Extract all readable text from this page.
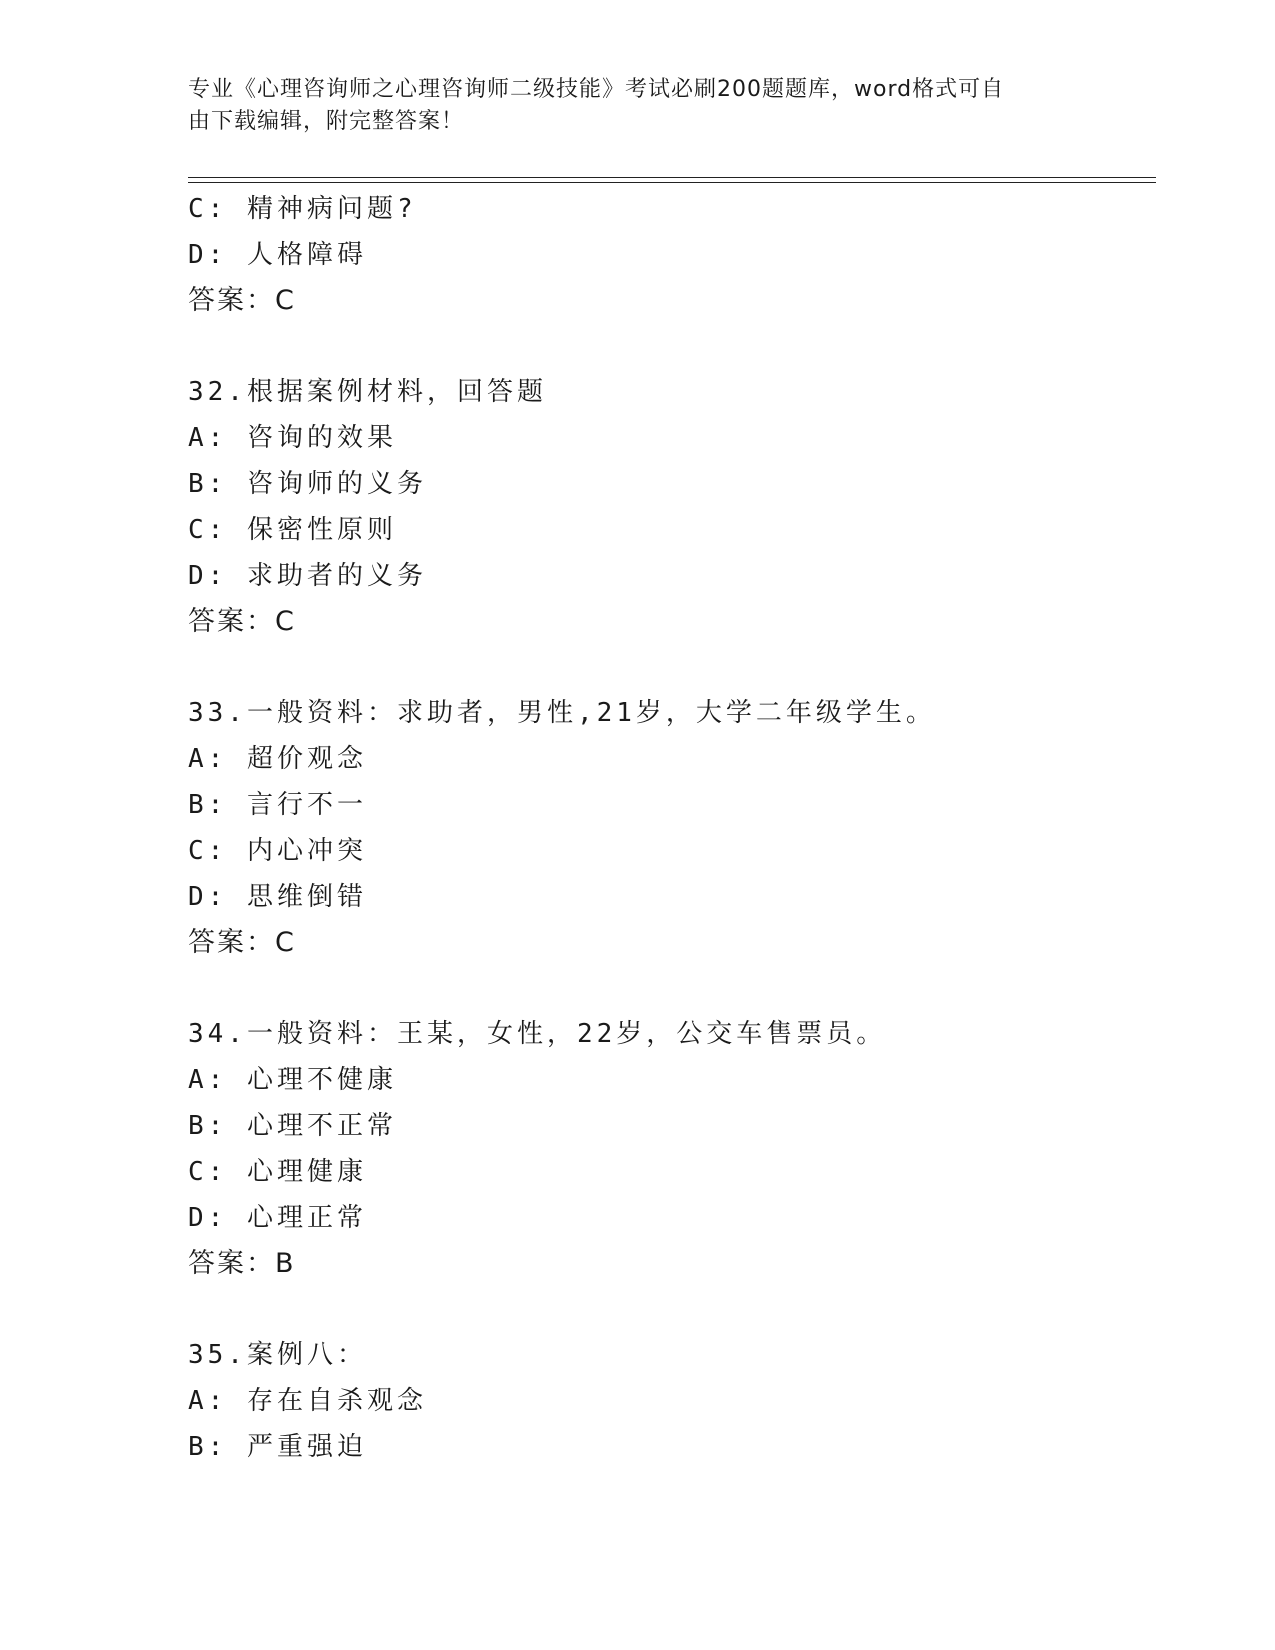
专业《心理咨询师之心理咨询师二级技能》考试必刷200题题库，word格式可自
由下载编辑，附完整答案！
C: 精神病问题?
D: 人格障碍
答案：C
32.根据案例材料，回答题
A: 咨询的效果
B: 咨询师的义务
C: 保密性原则
D: 求助者的义务
答案：C
33.一般资料：求助者，男性,21岁，大学二年级学生。
A: 超价观念
B: 言行不一
C: 内心冲突
D: 思维倒错
答案：C
34.一般资料：王某，女性，22岁，公交车售票员。
A: 心理不健康
B: 心理不正常
C: 心理健康
D: 心理正常
答案：B
35.案例八：
A: 存在自杀观念
B: 严重强迫
